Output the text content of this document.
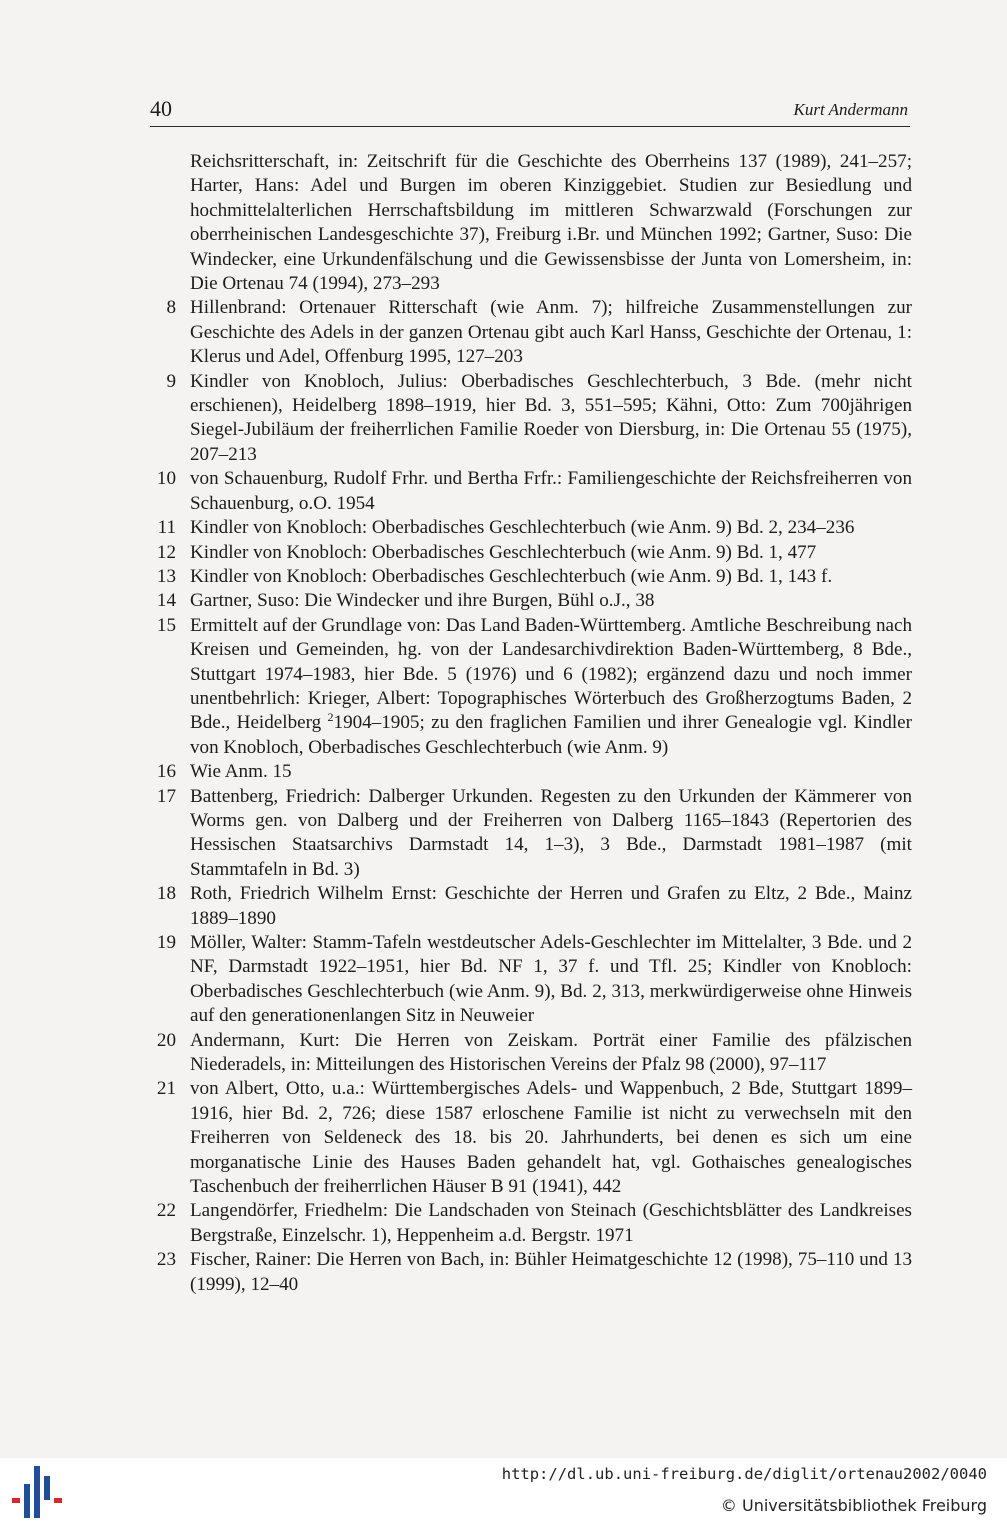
40	Kurt Andermann
Reichsritterschaft, in: Zeitschrift für die Geschichte des Oberrheins 137 (1989), 241–257; Harter, Hans: Adel und Burgen im oberen Kinziggebiet. Studien zur Besiedlung und hochmittelalterlichen Herrschaftsbildung im mittleren Schwarzwald (Forschungen zur oberrheinischen Landesgeschichte 37), Freiburg i.Br. und München 1992; Gartner, Suso: Die Windecker, eine Urkundenfälschung und die Gewissensbisse der Junta von Lomersheim, in: Die Ortenau 74 (1994), 273–293
8 Hillenbrand: Ortenauer Ritterschaft (wie Anm. 7); hilfreiche Zusammenstellungen zur Geschichte des Adels in der ganzen Ortenau gibt auch Karl Hanss, Geschichte der Ortenau, 1: Klerus und Adel, Offenburg 1995, 127–203
9 Kindler von Knobloch, Julius: Oberbadisches Geschlechterbuch, 3 Bde. (mehr nicht erschienen), Heidelberg 1898–1919, hier Bd. 3, 551–595; Kähni, Otto: Zum 700jährigen Siegel-Jubiläum der freiherrlichen Familie Roeder von Diersburg, in: Die Ortenau 55 (1975), 207–213
10 von Schauenburg, Rudolf Frhr. und Bertha Frfr.: Familiengeschichte der Reichsfreiherren von Schauenburg, o.O. 1954
11 Kindler von Knobloch: Oberbadisches Geschlechterbuch (wie Anm. 9) Bd. 2, 234–236
12 Kindler von Knobloch: Oberbadisches Geschlechterbuch (wie Anm. 9) Bd. 1, 477
13 Kindler von Knobloch: Oberbadisches Geschlechterbuch (wie Anm. 9) Bd. 1, 143 f.
14 Gartner, Suso: Die Windecker und ihre Burgen, Bühl o.J., 38
15 Ermittelt auf der Grundlage von: Das Land Baden-Württemberg. Amtliche Beschreibung nach Kreisen und Gemeinden, hg. von der Landesarchivdirektion Baden-Württemberg, 8 Bde., Stuttgart 1974–1983, hier Bde. 5 (1976) und 6 (1982); ergänzend dazu und noch immer unentbehrlich: Krieger, Albert: Topographisches Wörterbuch des Großherzogtums Baden, 2 Bde., Heidelberg $^2$1904–1905; zu den fraglichen Familien und ihrer Genealogie vgl. Kindler von Knobloch, Oberbadisches Geschlechterbuch (wie Anm. 9)
16 Wie Anm. 15
17 Battenberg, Friedrich: Dalberger Urkunden. Regesten zu den Urkunden der Kämmerer von Worms gen. von Dalberg und der Freiherren von Dalberg 1165–1843 (Repertorien des Hessischen Staatsarchivs Darmstadt 14, 1–3), 3 Bde., Darmstadt 1981–1987 (mit Stammtafeln in Bd. 3)
18 Roth, Friedrich Wilhelm Ernst: Geschichte der Herren und Grafen zu Eltz, 2 Bde., Mainz 1889–1890
19 Möller, Walter: Stamm-Tafeln westdeutscher Adels-Geschlechter im Mittelalter, 3 Bde. und 2 NF, Darmstadt 1922–1951, hier Bd. NF 1, 37 f. und Tfl. 25; Kindler von Knobloch: Oberbadisches Geschlechterbuch (wie Anm. 9), Bd. 2, 313, merkwürdigerweise ohne Hinweis auf den generationenlangen Sitz in Neuweier
20 Andermann, Kurt: Die Herren von Zeiskam. Porträt einer Familie des pfälzischen Niederadels, in: Mitteilungen des Historischen Vereins der Pfalz 98 (2000), 97–117
21 von Albert, Otto, u.a.: Württembergisches Adels- und Wappenbuch, 2 Bde, Stuttgart 1899–1916, hier Bd. 2, 726; diese 1587 erloschene Familie ist nicht zu verwechseln mit den Freiherren von Seldeneck des 18. bis 20. Jahrhunderts, bei denen es sich um eine morganatische Linie des Hauses Baden gehandelt hat, vgl. Gothaisches genealogisches Taschenbuch der freiherrlichen Häuser B 91 (1941), 442
22 Langendörfer, Friedhelm: Die Landschaden von Steinach (Geschichtsblätter des Landkreises Bergstraße, Einzelschr. 1), Heppenheim a.d. Bergstr. 1971
23 Fischer, Rainer: Die Herren von Bach, in: Bühler Heimatgeschichte 12 (1998), 75–110 und 13 (1999), 12–40
http://dl.ub.uni-freiburg.de/diglit/ortenau2002/0040
© Universitätsbibliothek Freiburg
